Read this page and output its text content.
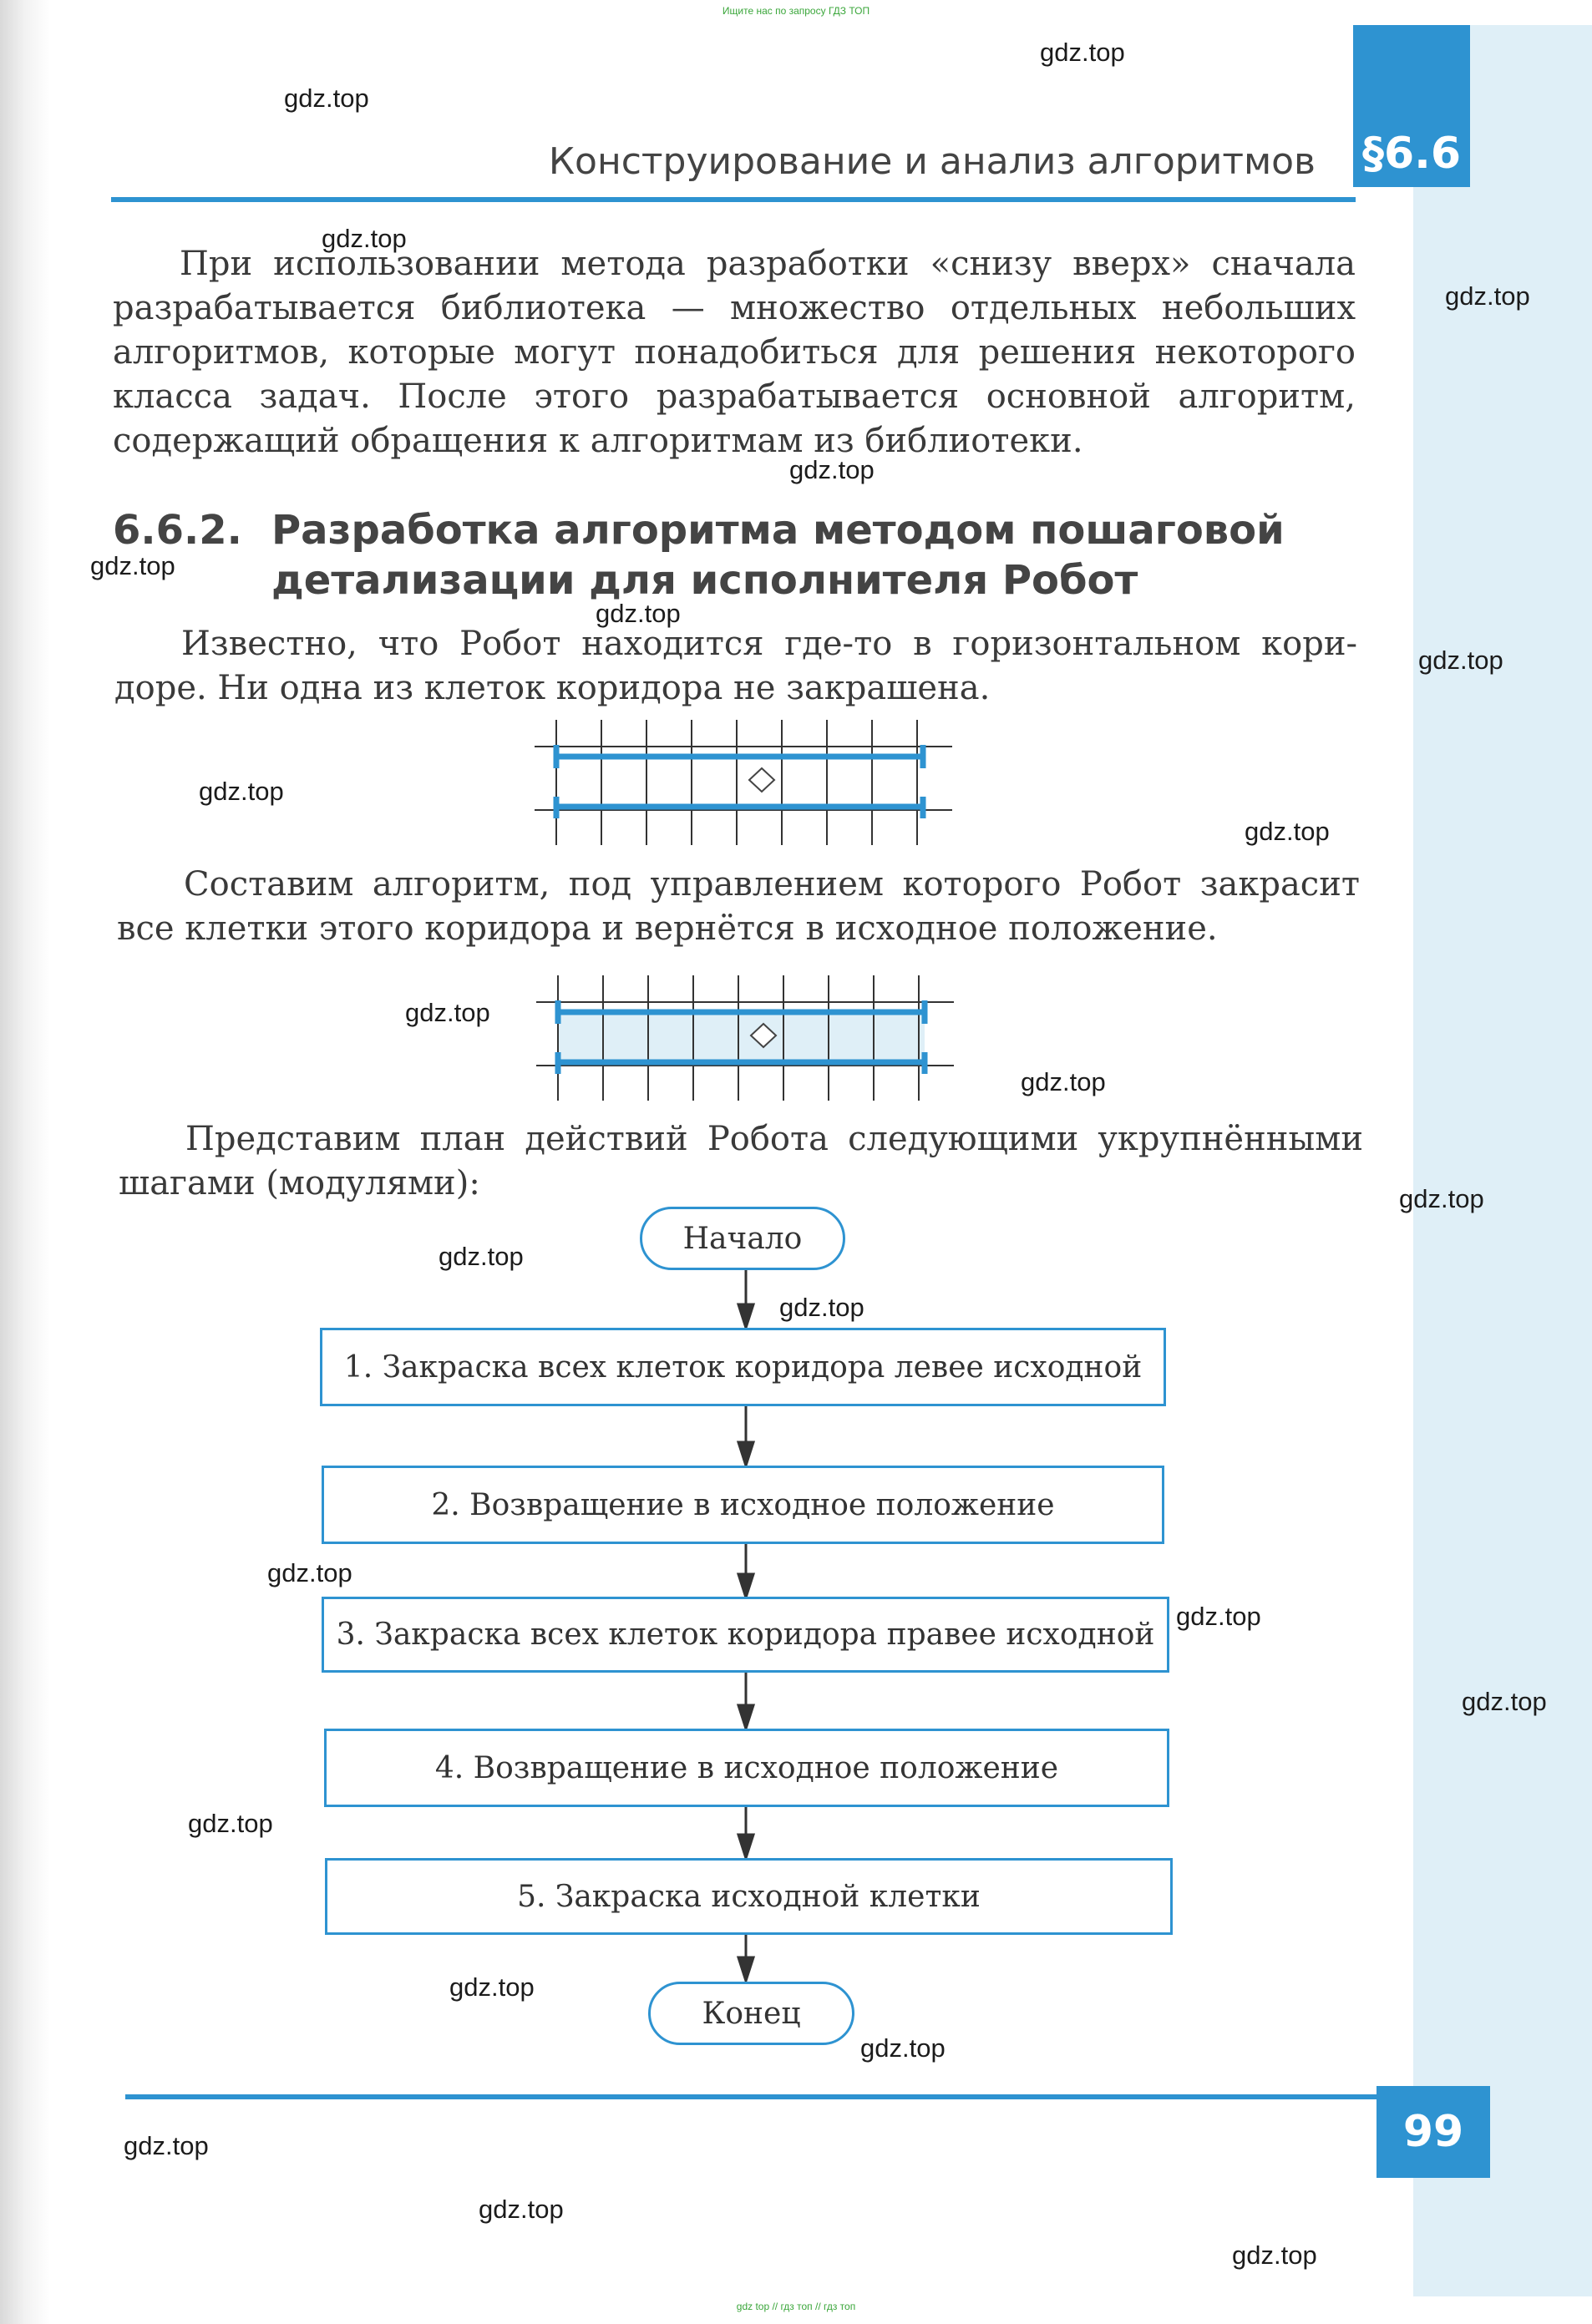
Ищите нас по запросу ГДЗ ТОП
§6.6
Конструирование и анализ алгоритмов
При использовании метода разработки «снизу вверх» сначала
разрабатывается библиотека — множество отдельных небольших
алгоритмов, которые могут понадобиться для решения некоторого
класса задач. После этого разрабатывается основной алгоритм,
содержащий обращения к алгоритмам из библиотеки.
6.6.2. Разработка алгоритма методом пошаговой
детализации для исполнителя Робот
Известно, что Робот находится где-то в горизонтальном кори-
доре. Ни одна из клеток коридора не закрашена.
Составим алгоритм, под управлением которого Робот закрасит
все клетки этого коридора и вернётся в исходное положение.
Представим план действий Робота следующими укрупнёнными
шагами (модулями):
Начало
1. Закраска всех клеток коридора левее исходной
2. Возвращение в исходное положение
3. Закраска всех клеток коридора правее исходной
4. Возвращение в исходное положение
5. Закраска исходной клетки
Конец
99
gdz.top
gdz.top
gdz.top
gdz.top
gdz.top
gdz.top
gdz.top
gdz.top
gdz.top
gdz.top
gdz.top
gdz.top
gdz.top
gdz.top
gdz.top
gdz.top
gdz.top
gdz.top
gdz.top
gdz.top
gdz.top
gdz.top
gdz.top
gdz.top
gdz top // гдз топ // гдз топ
